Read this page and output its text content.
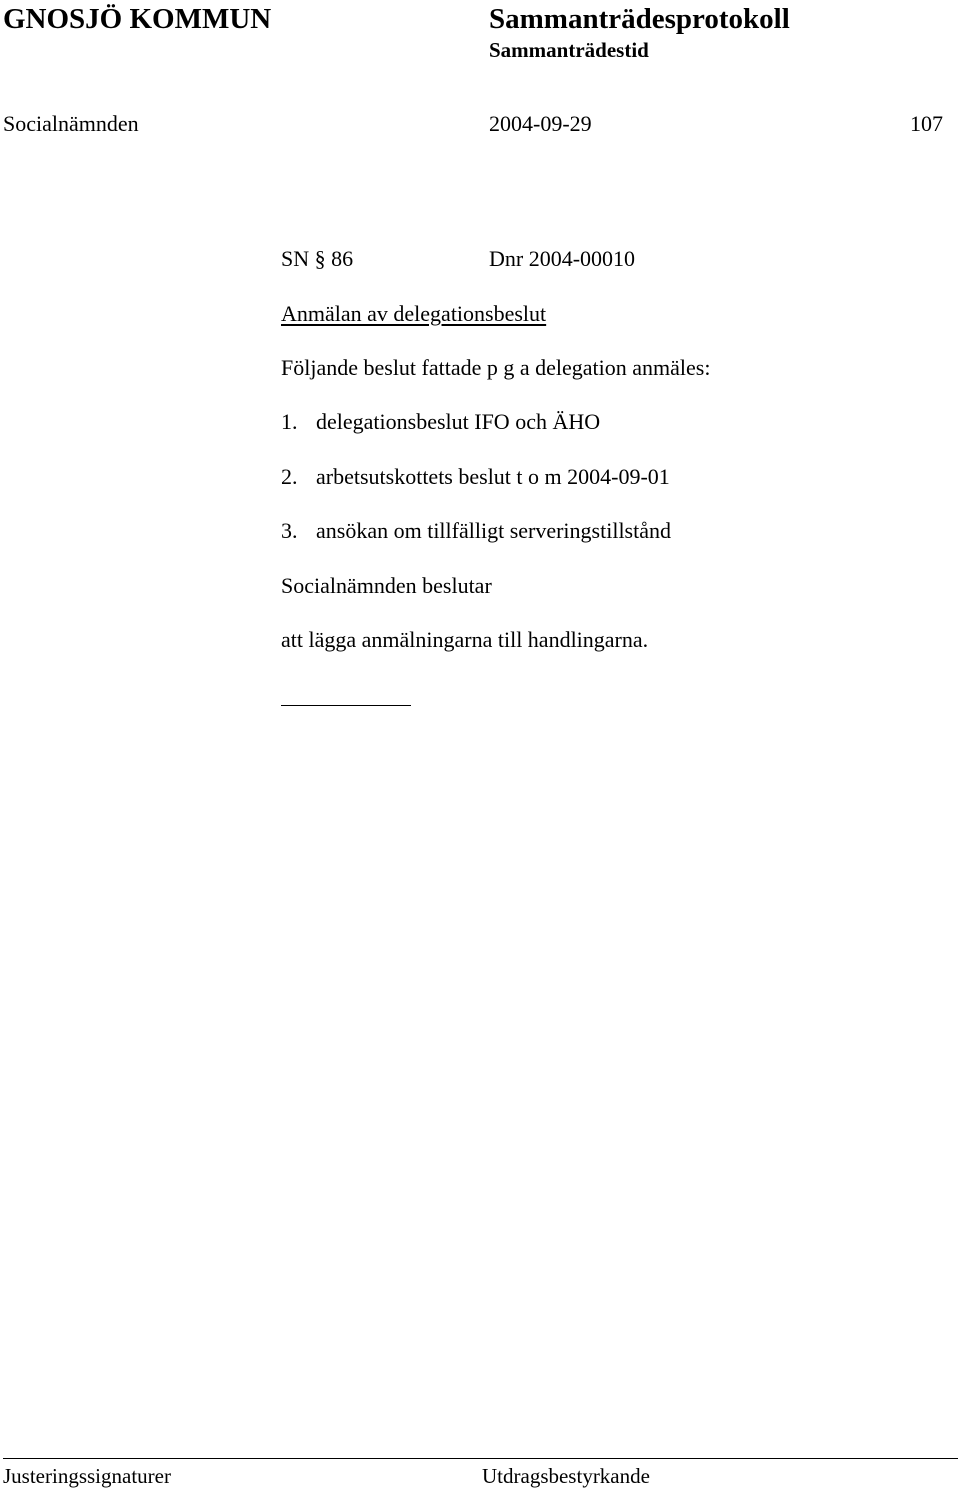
GNOSJÖ KOMMUN	Sammanträdesprotokoll
Sammanträdestid
Socialnämnden	2004-09-29	107
SN § 86	Dnr 2004-00010
Anmälan av delegationsbeslut
Följande beslut fattade p g a delegation anmäles:
1. delegationsbeslut IFO och ÄHO
2. arbetsutskottets beslut t o m 2004-09-01
3. ansökan om tillfälligt serveringstillstånd
Socialnämnden beslutar
att lägga anmälningarna till handlingarna.
Justeringssignaturer	Utdragsbestyrkande
